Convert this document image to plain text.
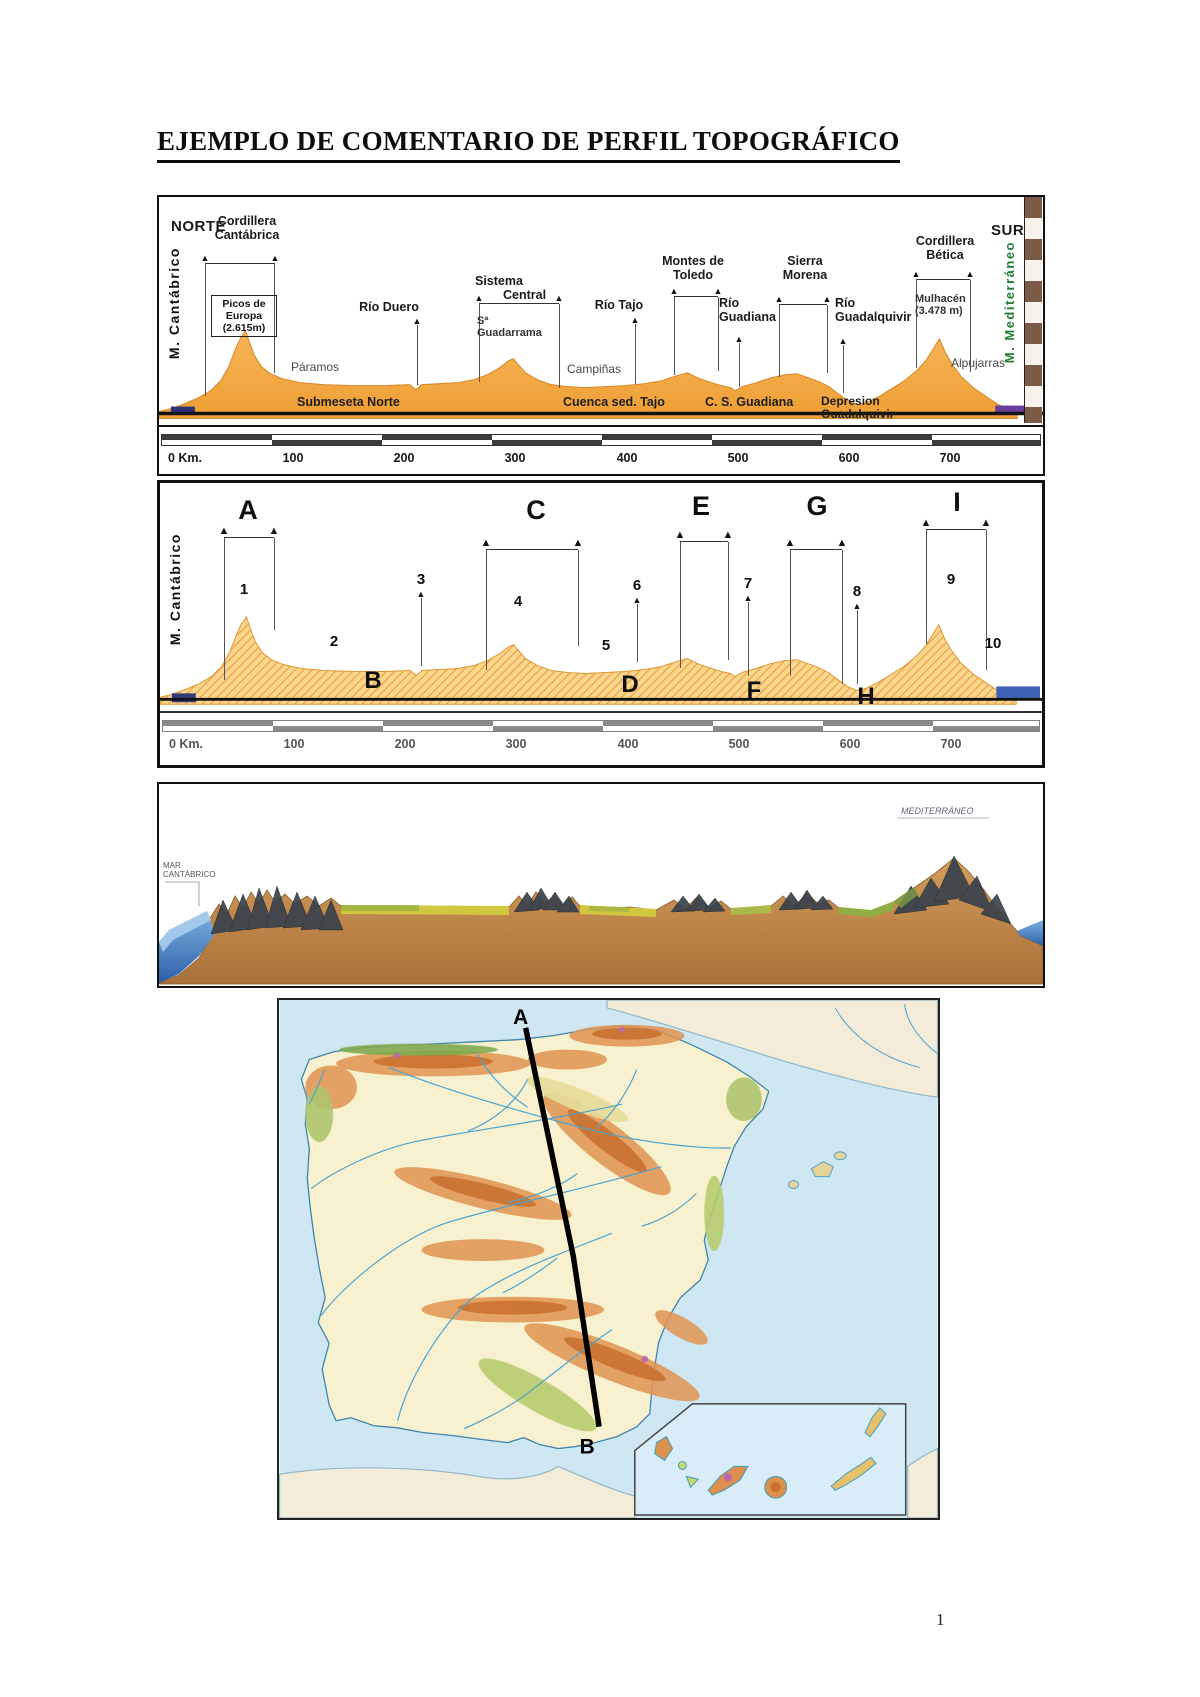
EJEMPLO DE COMENTARIO DE PERFIL TOPOGRÁFICO
NORTE	SUR
M. Cantábrico	M. Mediterráneo
Cordillera
Cantábrica
▲	▲
Picos de
Europa
(2.615m)
Río Duero
▲
Páramos
Submeseta Norte
Sistema
Central
▲	▲
Sª
Guadarrama
Campiñas
Cuenca sed. Tajo
Río Tajo
▲
Montes de
Toledo
▲	▲
Río
Guadiana
▲
C. S. Guadiana
Sierra
Morena
▲	▲ Río
Guadalquivir
▲
Depresion
Guadalquivir
Cordillera
Bética
▲	▲
Mulhacén
(3.478 m)
Alpujarras
0 Km.	100	200	300	400	500	600	700
M. Cantábrico
A
▲	▲
C
▲	▲
E
▲	▲
G
▲	▲
I
▲	▲
1
2
3
▲	4
5
6
▲
7
▲	8
▲
9
10
B	D	F	H
0 Km.	100	200	300	400	500	600	700
MAR
CANTÁBRICO
MEDITERRÁNEO
A
B
1
